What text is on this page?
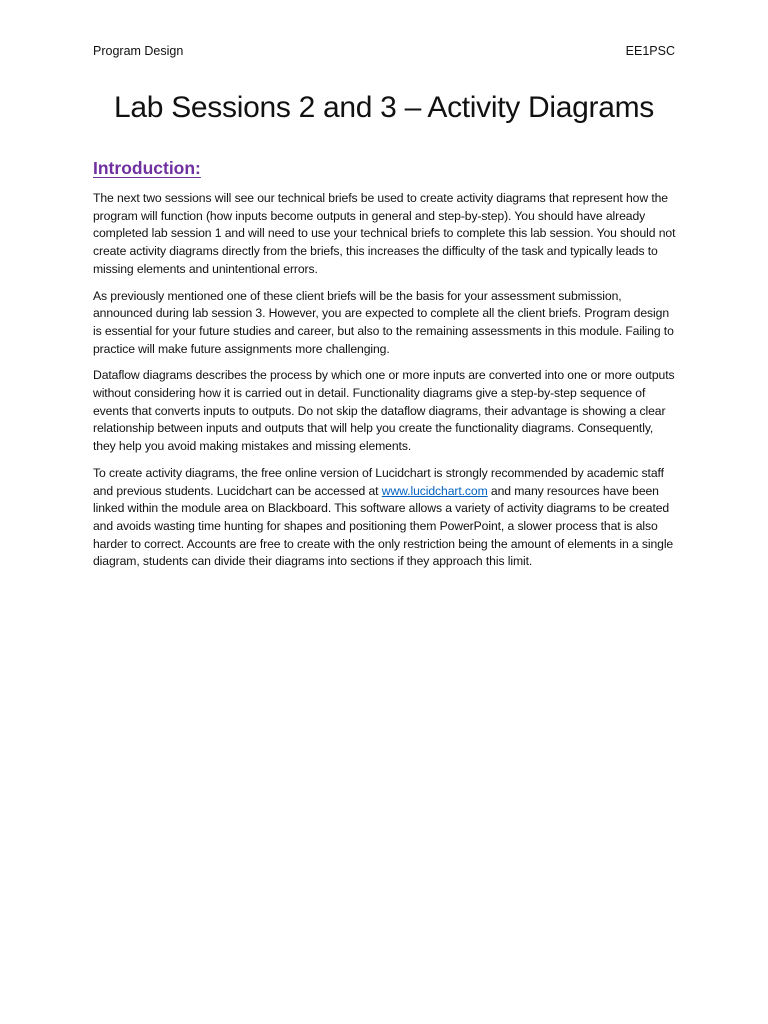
Program Design	EE1PSC
Lab Sessions 2 and 3 – Activity Diagrams
Introduction:

The next two sessions will see our technical briefs be used to create activity diagrams that represent how the program will function (how inputs become outputs in general and step-by-step). You should have already completed lab session 1 and will need to use your technical briefs to complete this lab session. You should not create activity diagrams directly from the briefs, this increases the difficulty of the task and typically leads to missing elements and unintentional errors.

As previously mentioned one of these client briefs will be the basis for your assessment submission, announced during lab session 3. However, you are expected to complete all the client briefs. Program design is essential for your future studies and career, but also to the remaining assessments in this module. Failing to practice will make future assignments more challenging.

Dataflow diagrams describes the process by which one or more inputs are converted into one or more outputs without considering how it is carried out in detail. Functionality diagrams give a step-by-step sequence of events that converts inputs to outputs. Do not skip the dataflow diagrams, their advantage is showing a clear relationship between inputs and outputs that will help you create the functionality diagrams. Consequently, they help you avoid making mistakes and missing elements.

To create activity diagrams, the free online version of Lucidchart is strongly recommended by academic staff and previous students. Lucidchart can be accessed at www.lucidchart.com and many resources have been linked within the module area on Blackboard. This software allows a variety of activity diagrams to be created and avoids wasting time hunting for shapes and positioning them PowerPoint, a slower process that is also harder to correct. Accounts are free to create with the only restriction being the amount of elements in a single diagram, students can divide their diagrams into sections if they approach this limit.
